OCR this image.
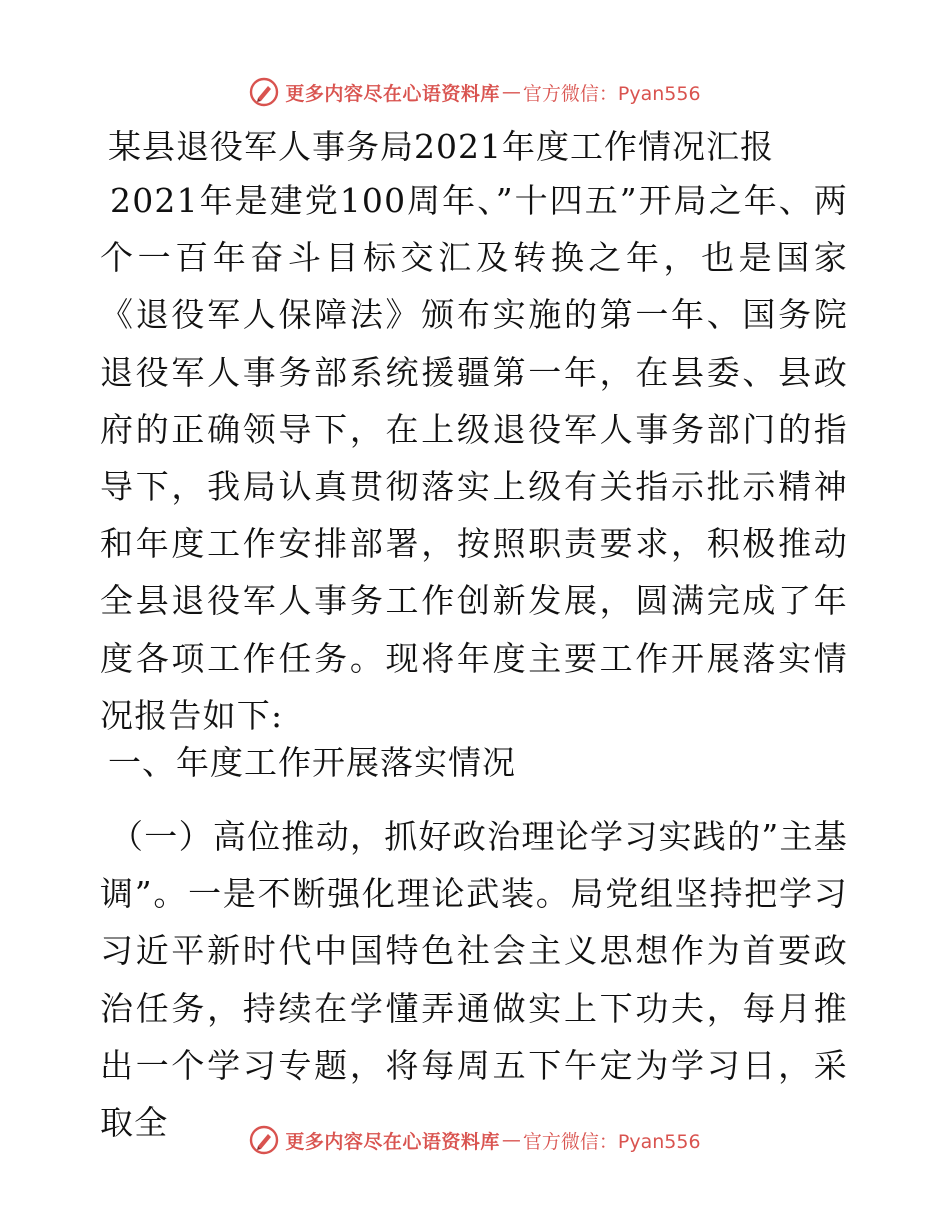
更多内容尽在心语资料库 — 官方微信：Pyan556
某县退役军人事务局2021年度工作情况汇报

2021年是建党100周年、”十四五”开局之年、两个一百年奋斗目标交汇及转换之年，也是国家《退役军人保障法》颁布实施的第一年、国务院退役军人事务部系统援疆第一年，在县委、县政府的正确领导下，在上级退役军人事务部门的指导下，我局认真贯彻落实上级有关指示批示精神和年度工作安排部署，按照职责要求，积极推动全县退役军人事务工作创新发展，圆满完成了年度各项工作任务。现将年度主要工作开展落实情况报告如下:

一、年度工作开展落实情况

（一）高位推动，抓好政治理论学习实践的”主基调”。一是不断强化理论武装。局党组坚持把学习习近平新时代中国特色社会主义思想作为首要政治任务，持续在学懂弄通做实上下功夫，每月推出一个学习专题，将每周五下午定为学习日，采取全	更多内容尽在心语资料库 — 官方微信：Pyan556
